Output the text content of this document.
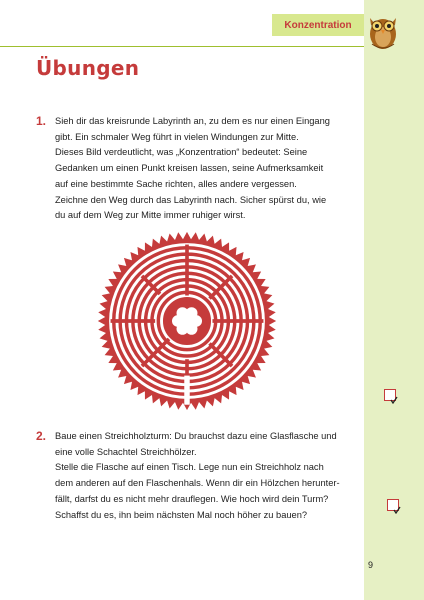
Konzentration
Übungen
1. Sieh dir das kreisrunde Labyrinth an, zu dem es nur einen Eingang
gibt. Ein schmaler Weg führt in vielen Windungen zur Mitte.
Dieses Bild verdeutlicht, was „Konzentration“ bedeutet: Seine
Gedanken um einen Punkt kreisen lassen, seine Aufmerksamkeit
auf eine bestimmte Sache richten, alles andere vergessen.
Zeichne den Weg durch das Labyrinth nach. Sicher spürst du, wie
du auf dem Weg zur Mitte immer ruhiger wirst.
2. Baue einen Streichholzturm: Du brauchst dazu eine Glasflasche und
eine volle Schachtel Streichhölzer.
Stelle die Flasche auf einen Tisch. Lege nun ein Streichholz nach
dem anderen auf den Flaschenhals. Wenn dir ein Hölzchen herunter-
fällt, darfst du es nicht mehr drauflegen. Wie hoch wird dein Turm?
Schaffst du es, ihn beim nächsten Mal noch höher zu bauen?
9
